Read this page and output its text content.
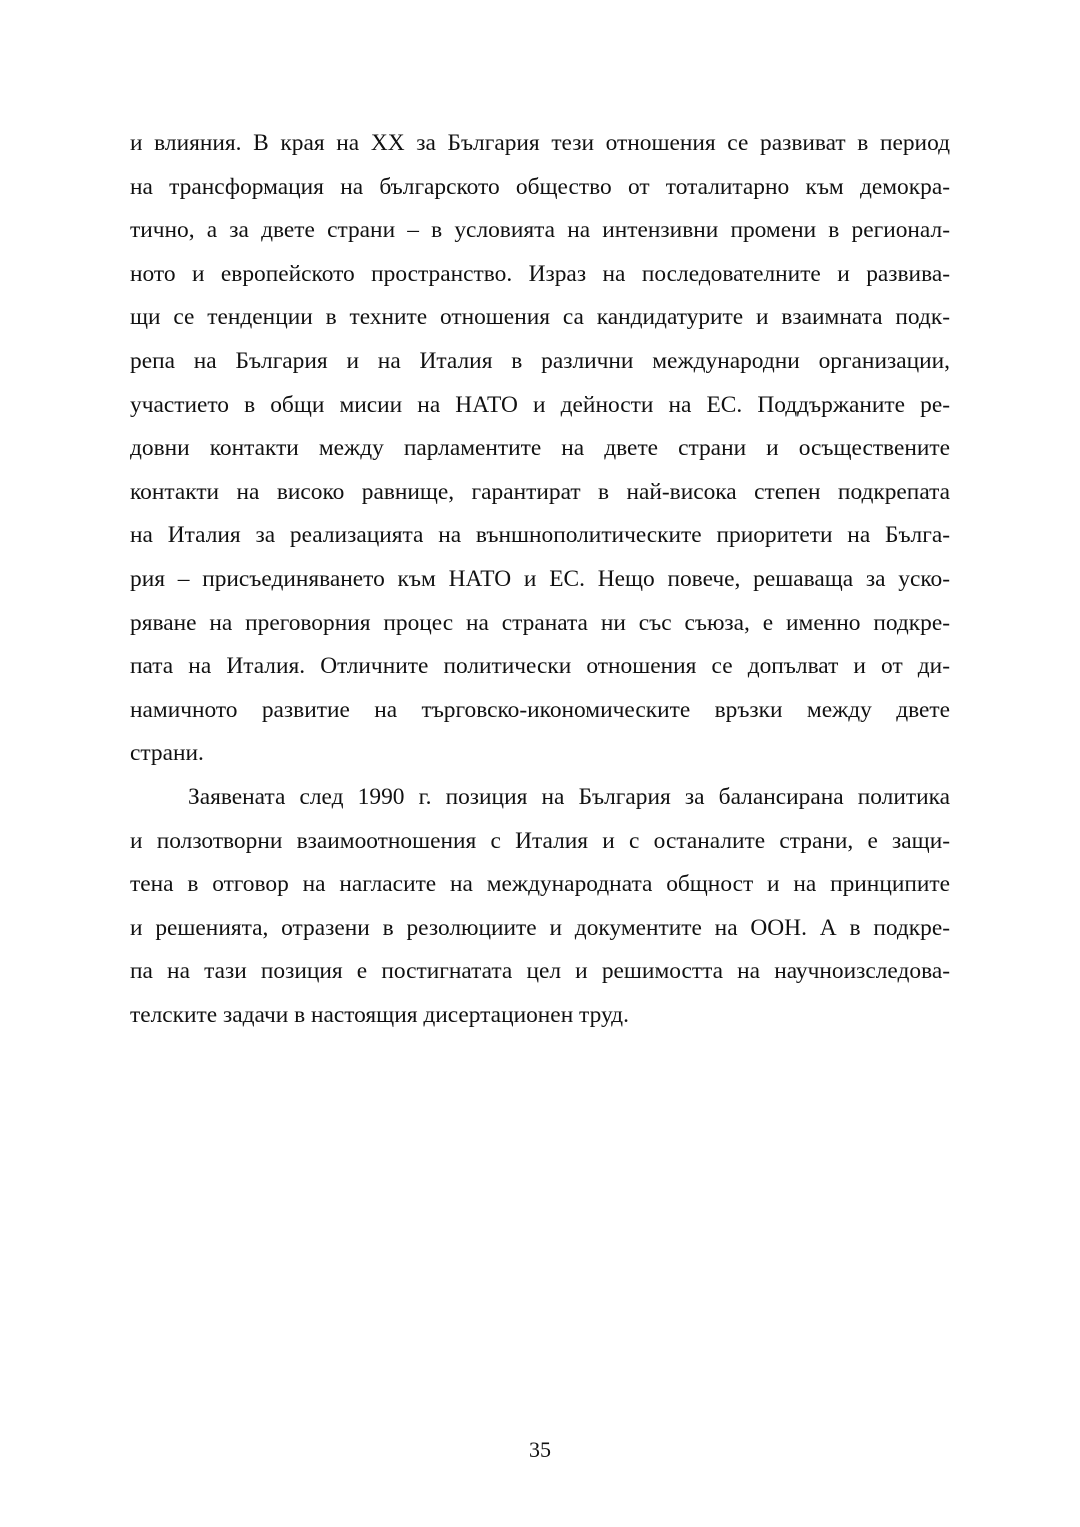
и влияния. В края на XX за България тези отношения се развиват в период
на трансформация на българското общество от тоталитарно към демокра-
тично, а за двете страни – в условията на интензивни промени в регионал-
ното и европейското пространство. Израз на последователните и развива-
щи се тенденции в техните отношения са кандидатурите и взаимната подк-
репа на България и на Италия в различни международни организации,
участието в общи мисии на НАТО и дейности на ЕС. Поддържаните ре-
довни контакти между парламентите на двете страни и осъществените
контакти на високо равнище, гарантират в най-висока степен подкрепата
на Италия за реализацията на външнополитическите приоритети на Бълга-
рия – присъединяването към НАТО и ЕС. Нещо повече, решаваща за уско-
ряване на преговорния процес на страната ни със съюза, е именно подкре-
пата на Италия. Отличните политически отношения се допълват и от ди-
намичното развитие на търговско-икономическите връзки между двете
страни.
Заявената след 1990 г. позиция на България за балансирана политика
и ползотворни взаимоотношения с Италия и с останалите страни, е защи-
тена в отговор на нагласите на международната общност и на принципите
и решенията, отразени в резолюциите и документите на ООН. А в подкре-
па на тази позиция е постигнатата цел и решимостта на научноизследова-
телските задачи в настоящия дисертационен труд.
35
